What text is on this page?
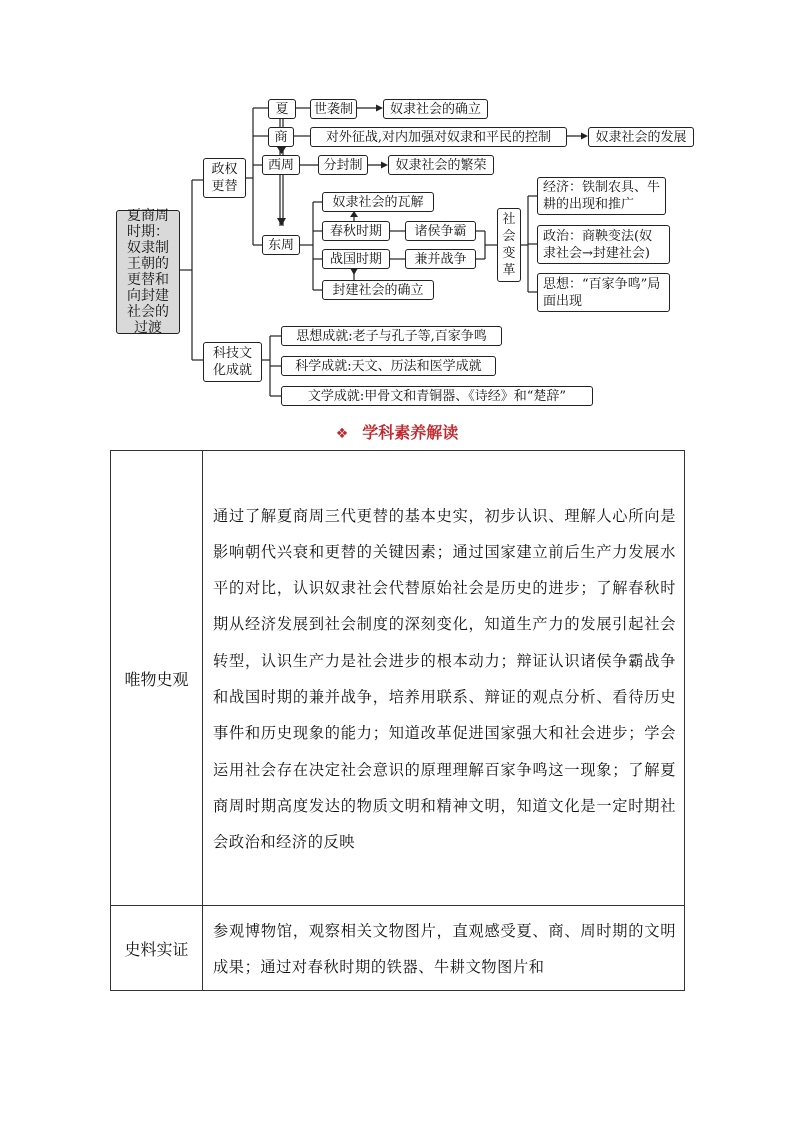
夏商周时期：奴隶制王朝的更替和向封建社会的过渡
政权更替
科技文化成就
夏	世袭制	奴隶社会的确立
商	对外征战,对内加强对奴隶和平民的控制	奴隶社会的发展
西周	分封制	奴隶社会的繁荣
东周
奴隶社会的瓦解
春秋时期	诸侯争霸
战国时期	兼并战争
封建社会的确立
社会变革
经济：铁制农具、牛耕的出现和推广
政治：商鞅变法(奴隶社会→封建社会)
思想：“百家争鸣”局面出现
思想成就:老子与孔子等,百家争鸣
科学成就:天文、历法和医学成就
文学成就:甲骨文和青铜器、《诗经》和“楚辞”
❖ 学科素养解读
唯物史观	通过了解夏商周三代更替的基本史实，初步认识、理解人心所向是影响朝代兴衰和更替的关键因素；通过国家建立前后生产力发展水平的对比，认识奴隶社会代替原始社会是历史的进步；了解春秋时期从经济发展到社会制度的深刻变化，知道生产力的发展引起社会转型，认识生产力是社会进步的根本动力；辩证认识诸侯争霸战争和战国时期的兼并战争，培养用联系、辩证的观点分析、看待历史事件和历史现象的能力；知道改革促进国家强大和社会进步；学会运用社会存在决定社会意识的原理理解百家争鸣这一现象；了解夏商周时期高度发达的物质文明和精神文明，知道文化是一定时期社会政治和经济的反映
史料实证	参观博物馆，观察相关文物图片，直观感受夏、商、周时期的文明成果；通过对春秋时期的铁器、牛耕文物图片和
